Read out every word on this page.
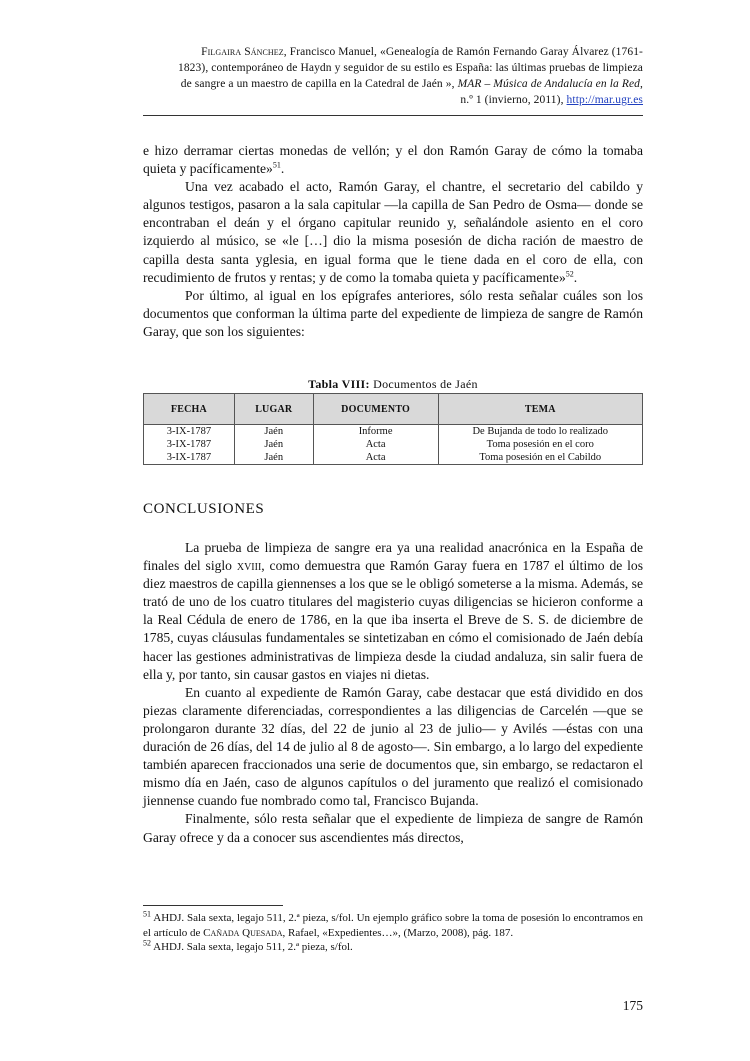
Filgaira Sánchez, Francisco Manuel, «Genealogía de Ramón Fernando Garay Álvarez (1761-
1823), contemporáneo de Haydn y seguidor de su estilo es España: las últimas pruebas de limpieza
de sangre a un maestro de capilla en la Catedral de Jaén », MAR – Música de Andalucía en la Red,
n.º 1 (invierno, 2011), http://mar.ugr.es

e hizo derramar ciertas monedas de vellón; y el don Ramón Garay de cómo la tomaba quieta y pacíficamente»$^{51}$.

Una vez acabado el acto, Ramón Garay, el chantre, el secretario del cabildo y algunos testigos, pasaron a la sala capitular —la capilla de San Pedro de Osma— donde se encontraban el deán y el órgano capitular reunido y, señalándole asiento en el coro izquierdo al músico, se «le […] dio la misma posesión de dicha ración de maestro de capilla desta santa yglesia, en igual forma que le tiene dada en el coro de ella, con recudimiento de frutos y rentas; y de como la tomaba quieta y pacíficamente»$^{52}$.

Por último, al igual en los epígrafes anteriores, sólo resta señalar cuáles son los documentos que conforman la última parte del expediente de limpieza de sangre de Ramón Garay, que son los siguientes:

Tabla VIII: Documentos de Jaén
FECHA	LUGAR	DOCUMENTO	TEMA
3-IX-1787	Jaén	Informe	De Bujanda de todo lo realizado
3-IX-1787	Jaén	Acta	Toma posesión en el coro
3-IX-1787	Jaén	Acta	Toma posesión en el Cabildo
CONCLUSIONES

La prueba de limpieza de sangre era ya una realidad anacrónica en la España de finales del siglo xviii, como demuestra que Ramón Garay fuera en 1787 el último de los diez maestros de capilla giennenses a los que se le obligó someterse a la misma. Además, se trató de uno de los cuatro titulares del magisterio cuyas diligencias se hicieron conforme a la Real Cédula de enero de 1786, en la que iba inserta el Breve de S. S. de diciembre de 1785, cuyas cláusulas fundamentales se sintetizaban en cómo el comisionado de Jaén debía hacer las gestiones administrativas de limpieza desde la ciudad andaluza, sin salir fuera de ella y, por tanto, sin causar gastos en viajes ni dietas.

En cuanto al expediente de Ramón Garay, cabe destacar que está dividido en dos piezas claramente diferenciadas, correspondientes a las diligencias de Carcelén —que se prolongaron durante 32 días, del 22 de junio al 23 de julio— y Avilés —éstas con una duración de 26 días, del 14 de julio al 8 de agosto—. Sin embargo, a lo largo del expediente también aparecen fraccionados una serie de documentos que, sin embargo, se redactaron el mismo día en Jaén, caso de algunos capítulos o del juramento que realizó el comisionado jiennense cuando fue nombrado como tal, Francisco Bujanda.

Finalmente, sólo resta señalar que el expediente de limpieza de sangre de Ramón Garay ofrece y da a conocer sus ascendientes más directos,

$^{51}$ AHDJ. Sala sexta, legajo 511, 2.ª pieza, s/fol. Un ejemplo gráfico sobre la toma de posesión lo encontramos en el artículo de Cañada Quesada, Rafael, «Expedientes…», (Marzo, 2008), pág. 187.

$^{52}$ AHDJ. Sala sexta, legajo 511, 2.ª pieza, s/fol.

175
